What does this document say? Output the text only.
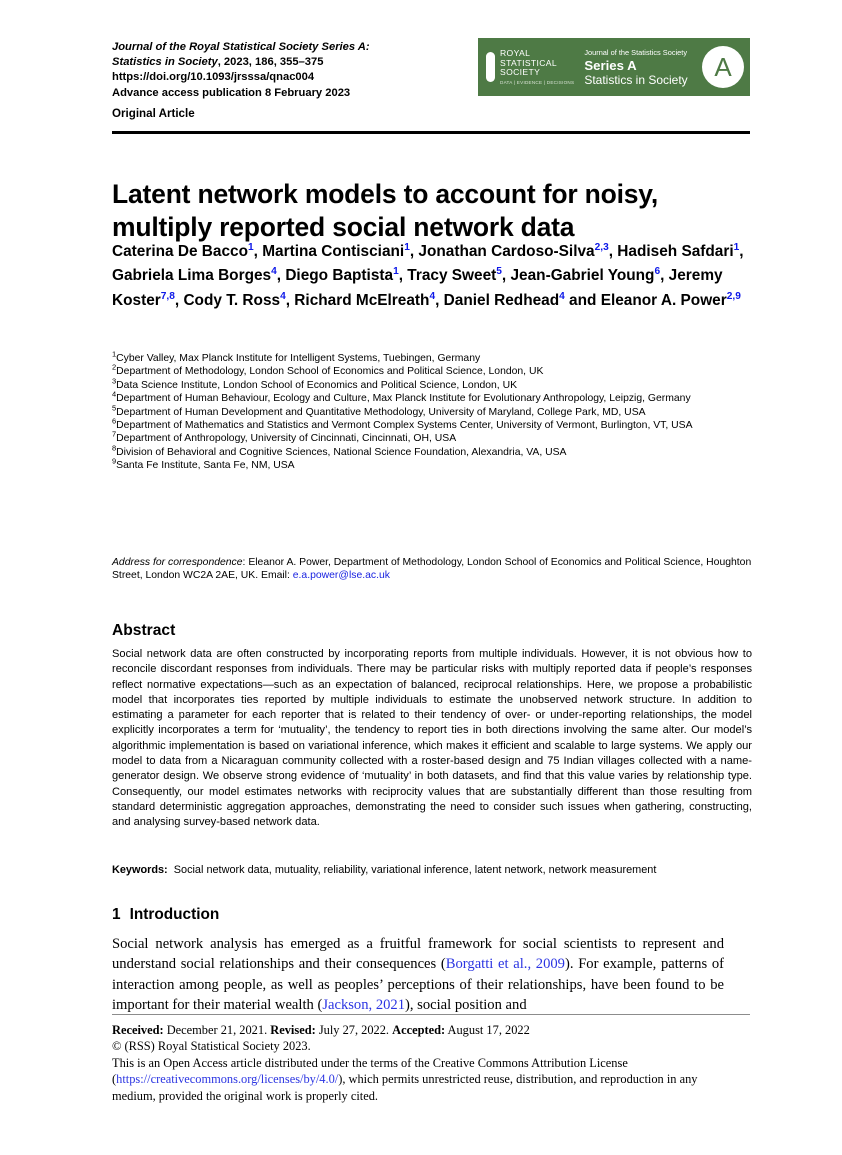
Journal of the Royal Statistical Society Series A:
Statistics in Society, 2023, 186, 355–375
https://doi.org/10.1093/jrsssa/qnac004
Advance access publication 8 February 2023
Original Article
ROYAL
STATISTICAL
SOCIETY
DATA | EVIDENCE | DECISIONS
Journal of the Statistics Society
Series A
Statistics in Society	A
Latent network models to account for noisy, multiply reported social network data
Caterina De Bacco$^1$, Martina Contisciani$^1$, Jonathan Cardoso-Silva$^{2,3}$, Hadiseh Safdari$^1$, Gabriela Lima Borges$^4$, Diego Baptista$^1$, Tracy Sweet$^5$, Jean-Gabriel Young$^6$, Jeremy Koster$^{7,8}$, Cody T. Ross$^4$, Richard McElreath$^4$, Daniel Redhead$^4$ and Eleanor A. Power$^{2,9}$
$^1$Cyber Valley, Max Planck Institute for Intelligent Systems, Tuebingen, Germany
$^2$Department of Methodology, London School of Economics and Political Science, London, UK
$^3$Data Science Institute, London School of Economics and Political Science, London, UK
$^4$Department of Human Behaviour, Ecology and Culture, Max Planck Institute for Evolutionary Anthropology, Leipzig, Germany
$^5$Department of Human Development and Quantitative Methodology, University of Maryland, College Park, MD, USA
$^6$Department of Mathematics and Statistics and Vermont Complex Systems Center, University of Vermont, Burlington, VT, USA
$^7$Department of Anthropology, University of Cincinnati, Cincinnati, OH, USA
$^8$Division of Behavioral and Cognitive Sciences, National Science Foundation, Alexandria, VA, USA
$^9$Santa Fe Institute, Santa Fe, NM, USA
Address for correspondence: Eleanor A. Power, Department of Methodology, London School of Economics and Political Science, Houghton Street, London WC2A 2AE, UK. Email: e.a.power@lse.ac.uk
Abstract
Social network data are often constructed by incorporating reports from multiple individuals. However, it is not obvious how to reconcile discordant responses from individuals. There may be particular risks with multiply reported data if people’s responses reflect normative expectations—such as an expectation of balanced, reciprocal relationships. Here, we propose a probabilistic model that incorporates ties reported by multiple individuals to estimate the unobserved network structure. In addition to estimating a parameter for each reporter that is related to their tendency of over- or under-reporting relationships, the model explicitly incorporates a term for ‘mutuality’, the tendency to report ties in both directions involving the same alter. Our model’s algorithmic implementation is based on variational inference, which makes it efficient and scalable to large systems. We apply our model to data from a Nicaraguan community collected with a roster-based design and 75 Indian villages collected with a name-generator design. We observe strong evidence of ‘mutuality’ in both datasets, and find that this value varies by relationship type. Consequently, our model estimates networks with reciprocity values that are substantially different than those resulting from standard deterministic aggregation approaches, demonstrating the need to consider such issues when gathering, constructing, and analysing survey-based network data.
Keywords: Social network data, mutuality, reliability, variational inference, latent network, network measurement
1 Introduction
Social network analysis has emerged as a fruitful framework for social scientists to represent and understand social relationships and their consequences (Borgatti et al., 2009). For example, patterns of interaction among people, as well as peoples’ perceptions of their relationships, have been found to be important for their material wealth (Jackson, 2021), social position and

Received: December 21, 2021. Revised: July 27, 2022. Accepted: August 17, 2022

© (RSS) Royal Statistical Society 2023.

This is an Open Access article distributed under the terms of the Creative Commons Attribution License (https://creativecommons.org/licenses/by/4.0/), which permits unrestricted reuse, distribution, and reproduction in any medium, provided the original work is properly cited.
